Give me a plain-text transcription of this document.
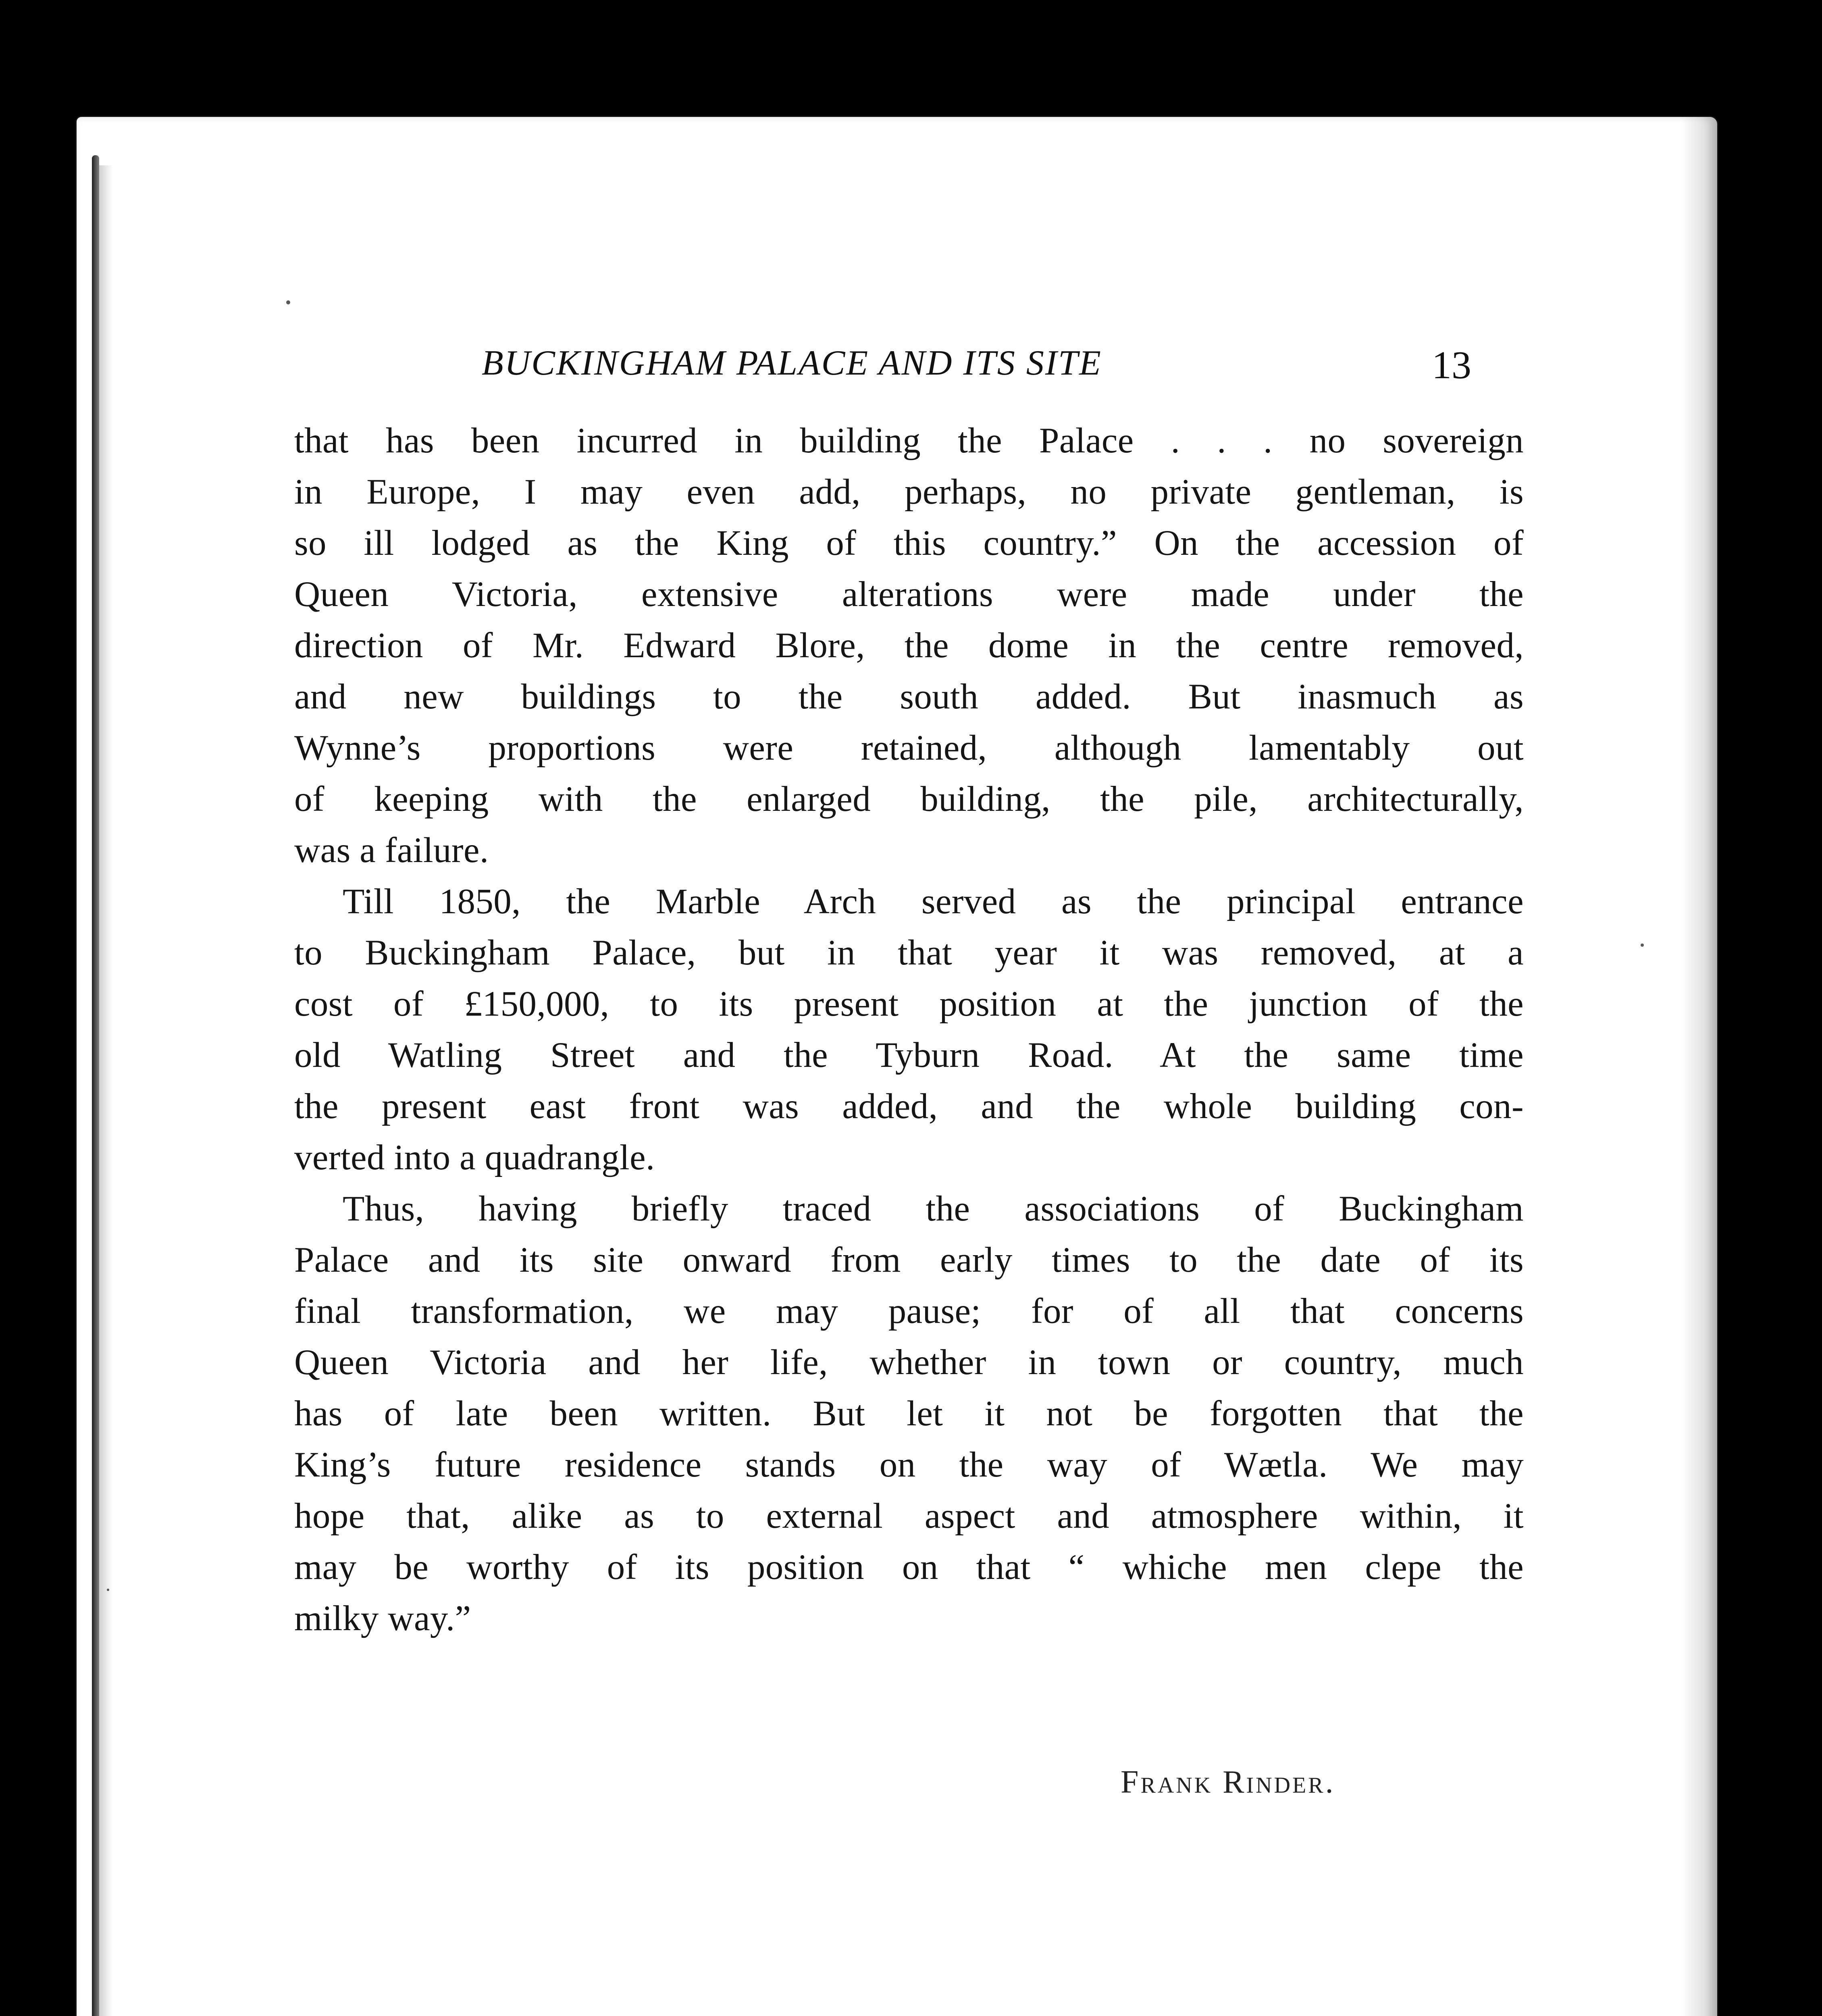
BUCKINGHAM PALACE AND ITS SITE	13
that has been incurred in building the Palace . . . no sovereign
in Europe, I may even add, perhaps, no private gentleman, is
so ill lodged as the King of this country.” On the accession of
Queen Victoria, extensive alterations were made under the
direction of Mr. Edward Blore, the dome in the centre removed,
and new buildings to the south added. But inasmuch as
Wynne’s proportions were retained, although lamentably out
of keeping with the enlarged building, the pile, architecturally,
was a failure.
Till 1850, the Marble Arch served as the principal entrance
to Buckingham Palace, but in that year it was removed, at a
cost of £150,000, to its present position at the junction of the
old Watling Street and the Tyburn Road. At the same time
the present east front was added, and the whole building con-
verted into a quadrangle.
Thus, having briefly traced the associations of Buckingham
Palace and its site onward from early times to the date of its
final transformation, we may pause; for of all that concerns
Queen Victoria and her life, whether in town or country, much
has of late been written. But let it not be forgotten that the
King’s future residence stands on the way of Wætla. We may
hope that, alike as to external aspect and atmosphere within, it
may be worthy of its position on that “ whiche men clepe the
milky way.”
Frank Rinder.
